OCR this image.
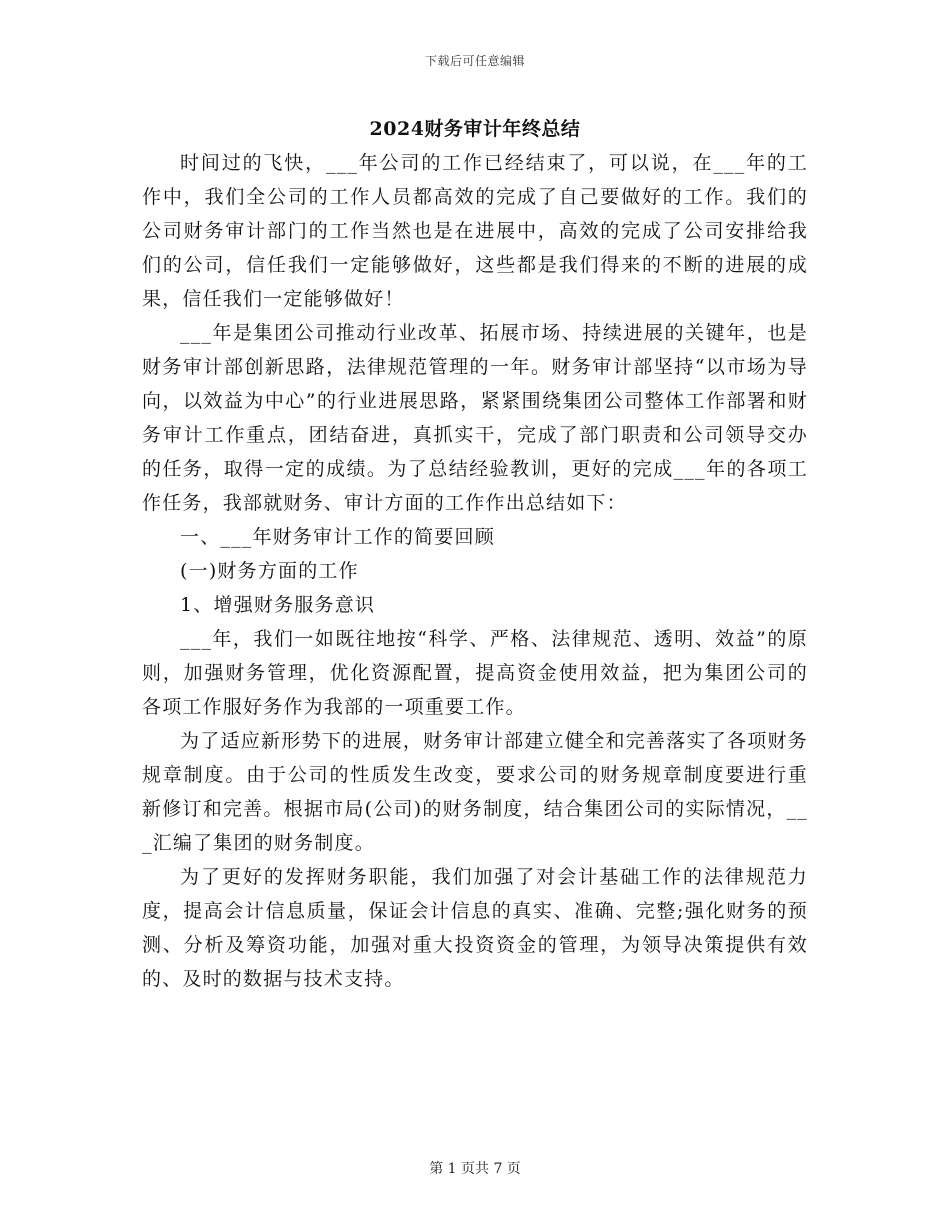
下载后可任意编辑
2024财务审计年终总结

时间过的飞快，___年公司的工作已经结束了，可以说，在___年的工作中，我们全公司的工作人员都高效的完成了自己要做好的工作。我们的公司财务审计部门的工作当然也是在进展中，高效的完成了公司安排给我们的公司，信任我们一定能够做好，这些都是我们得来的不断的进展的成果，信任我们一定能够做好！

___年是集团公司推动行业改革、拓展市场、持续进展的关键年，也是财务审计部创新思路，法律规范管理的一年。财务审计部坚持“以市场为导向，以效益为中心”的行业进展思路，紧紧围绕集团公司整体工作部署和财务审计工作重点，团结奋进，真抓实干，完成了部门职责和公司领导交办的任务，取得一定的成绩。为了总结经验教训，更好的完成___年的各项工作任务，我部就财务、审计方面的工作作出总结如下：

一、___年财务审计工作的简要回顾

(一)财务方面的工作

1、增强财务服务意识

___年，我们一如既往地按“科学、严格、法律规范、透明、效益”的原则，加强财务管理，优化资源配置，提高资金使用效益，把为集团公司的各项工作服好务作为我部的一项重要工作。

为了适应新形势下的进展，财务审计部建立健全和完善落实了各项财务规章制度。由于公司的性质发生改变，要求公司的财务规章制度要进行重新修订和完善。根据市局(公司)的财务制度，结合集团公司的实际情况，___汇编了集团的财务制度。

为了更好的发挥财务职能，我们加强了对会计基础工作的法律规范力度，提高会计信息质量，保证会计信息的真实、准确、完整;强化财务的预测、分析及筹资功能，加强对重大投资资金的管理，为领导决策提供有效的、及时的数据与技术支持。

第 1 页共 7 页
